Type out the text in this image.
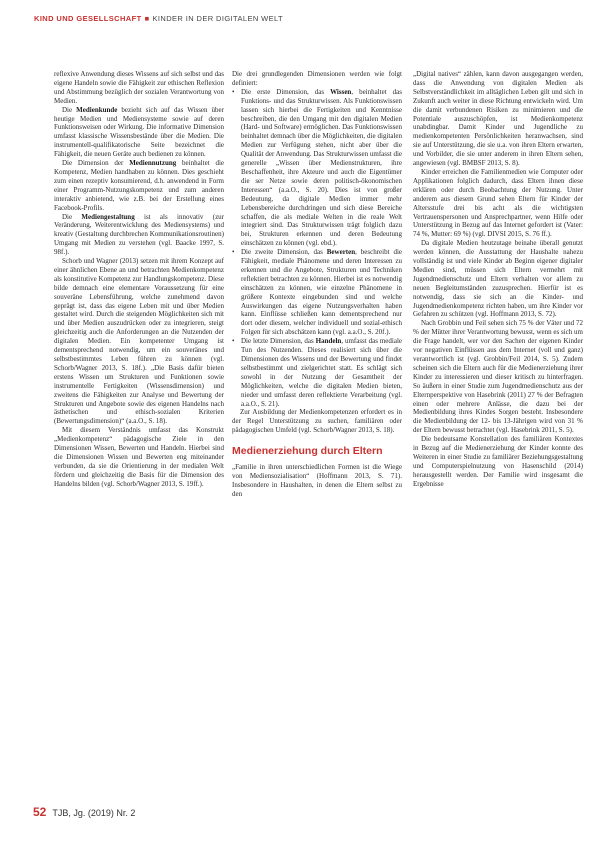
KIND UND GESELLSCHAFT ■ KINDER IN DER DIGITALEN WELT

reflexive Anwendung dieses Wissens auf sich selbst und das eigene Handeln sowie die Fähigkeit zur ethischen Reflexion und Abstimmung bezüglich der sozialen Verantwortung von Medien.

Die Medienkunde bezieht sich auf das Wissen über heutige Medien und Mediensysteme sowie auf deren Funktionsweisen oder Wirkung. Die informative Dimension umfasst klassische Wissensbestände über die Medien. Die instrumentell-qualifikatorische Seite bezeichnet die Fähigkeit, die neuen Geräte auch bedienen zu können.

Die Dimension der Mediennutzung beinhaltet die Kompetenz, Medien handhaben zu können. Dies geschieht zum einen rezeptiv konsumierend, d.h. anwendend in Form einer Programm-Nutzungskompetenz und zum anderen interaktiv anbietend, wie z.B. bei der Erstellung eines Facebook-Profils.

Die Mediengestaltung ist als innovativ (zur Veränderung, Weiterentwicklung des Mediensystems) und kreativ (Gestaltung durchbrechen Kommunikationsroutinen) Umgang mit Medien zu verstehen (vgl. Baacke 1997, S. 98f.).

Schorb und Wagner (2013) setzen mit ihrem Konzept auf einer ähnlichen Ebene an und betrachten Medienkompetenz als konstitutive Kompetenz zur Handlungskompetenz. Diese bilde demnach eine elementare Voraussetzung für eine souveräne Lebensführung, welche zunehmend davon geprägt ist, dass das eigene Leben mit und über Medien gestaltet wird. Durch die steigenden Möglichkeiten sich mit und über Medien auszudrücken oder zu integrieren, steigt gleichzeitig auch die Anforderungen an die Nutzenden der digitalen Medien. Ein kompetenter Umgang ist dementsprechend notwendig, um ein souveränes und selbstbestimmtes Leben führen zu können (vgl. Schorb/Wagner 2013, S. 18f.). „Die Basis dafür bieten erstens Wissen um Strukturen und Funktionen sowie instrumentelle Fertigkeiten (Wissensdimension) und zweitens die Fähigkeiten zur Analyse und Bewertung der Strukturen und Angebote sowie des eigenen Handelns nach ästhetischen und ethisch-sozialen Kriterien (Bewertungsdimension)“ (a.a.O., S. 18).

Mit diesem Verständnis umfasst das Konstrukt „Medienkompetenz“ pädagogische Ziele in den Dimensionen Wissen, Bewerten und Handeln. Hierbei sind die Dimensionen Wissen und Bewerten eng miteinander verbunden, da sie die Orientierung in der medialen Welt fördern und gleichzeitig die Basis für die Dimension des Handelns bilden (vgl. Schorb/Wagner 2013, S. 19ff.).

Die drei grundlegenden Dimensionen werden wie folgt definiert:

• Die erste Dimension, das Wissen, beinhaltet das Funktions- und das Strukturwissen. Als Funktionswissen lassen sich hierbei die Fertigkeiten und Kenntnisse beschreiben, die den Umgang mit den digitalen Medien (Hard- und Software) ermöglichen. Das Funktionswissen beinhaltet demnach über die Möglichkeiten, die digitalen Medien zur Verfügung stehen, nicht aber über die Qualität der Anwendung. Das Strukturwissen umfasst die generelle „Wissen über Medienstrukturen, ihre Beschaffenheit, ihre Akteure und auch die Eigentümer die ser Netze sowie deren politisch-ökonomischen Interessen“ (a.a.O., S. 20). Dies ist von großer Bedeutung, da digitale Medien immer mehr Lebensbereiche durchdringen und sich diese Bereiche schaffen, die als mediale Welten in die reale Welt integriert sind. Das Strukturwissen trägt folglich dazu bei, Strukturen erkennen und deren Bedeutung einschätzen zu können (vgl. ebd.).
• Die zweite Dimension, das Bewerten, beschreibt die Fähigkeit, mediale Phänomene und deren Interessen zu erkennen und die Angebote, Strukturen und Techniken reflektiert betrachten zu können. Hierbei ist es notwendig einschätzen zu können, wie einzelne Phänomene in größere Kontexte eingebunden sind und welche Auswirkungen das eigene Nutzungsverhalten haben kann. Einflüsse schließen kann dementsprechend nur dort oder diesem, welcher individuell und sozial-ethisch Folgen für sich abschätzen kann (vgl. a.a.O., S. 20f.).
• Die letzte Dimension, das Handeln, umfasst das mediale Tun des Nutzenden. Dieses realisiert sich über die Dimensionen des Wissens und der Bewertung und findet selbstbestimmt und zielgerichtet statt. Es schlägt sich sowohl in der Nutzung der Gesamtheit der Möglichkeiten, welche die digitalen Medien bieten, nieder und umfasst deren reflektierte Verarbeitung (vgl. a.a.O., S. 21).

Zur Ausbildung der Medienkompetenzen erfordert es in der Regel Unterstützung zu suchen, familiären oder pädagogischen Umfeld (vgl. Schorb/Wagner 2013, S. 18).

Medienerziehung durch Eltern

„Familie in ihren unterschiedlichen Formen ist die Wiege von Mediensozialisation“ (Hoffmann 2013, S. 71). Insbesondere in Haushalten, in denen die Eltern selbst zu den

„Digital natives“ zählen, kann davon ausgegangen werden, dass die Anwendung von digitalen Medien als Selbstverständlichkeit im alltäglichen Leben gilt und sich in Zukunft auch weiter in diese Richtung entwickeln wird. Um die damit verbundenen Risiken zu minimieren und die Potentiale auszuschöpfen, ist Medienkompetenz unabdingbar. Damit Kinder und Jugendliche zu medienkompetenten Persönlichkeiten heranwachsen, sind sie auf Unterstützung, die sie u.a. von ihren Eltern erwarten, und Vorbilder, die sie unter anderem in ihren Eltern sehen, angewiesen (vgl. BMBSF 2013, S. 8).

Kinder erreichen die Familienmedien wie Computer oder Applikationen folglich dadurch, dass Eltern ihnen diese erklären oder durch Beobachtung der Nutzung. Unter anderem aus diesem Grund sehen Eltern für Kinder der Altersstufe drei bis acht als die wichtigsten Vertrauenspersonen und Ansprechpartner, wenn Hilfe oder Unterstützung in Bezug auf das Internet gefordert ist (Vater: 74 %, Mutter: 69 %) (vgl. DIVSI 2015, S. 76 ff.).

Da digitale Medien heutzutage beinahe überall genutzt werden können, die Ausstattung der Haushalte nahezu vollständig ist und viele Kinder ab Beginn eigener digitaler Medien sind, müssen sich Eltern vermehrt mit Jugendmedienschutz und Eltern verhalten vor allem zu neuen Begleitumständen zuzusprechen. Hierfür ist es notwendig, dass sie sich an die Kinder- und Jugendmedienkompetenz richten haben, um ihre Kinder vor Gefahren zu schützen (vgl. Hoffmann 2013, S. 72).

Nach Grobbin und Feil sehen sich 75 % der Väter und 72 % der Mütter ihrer Verantwortung bewusst, wenn es sich um die Frage handelt, wer vor den Sachen der eigenen Kinder vor negativen Einflüssen aus dem Internet (voll und ganz) verantwortlich ist (vgl. Grobbin/Feil 2014, S. 5). Zudem scheinen sich die Eltern auch für die Medienerziehung ihrer Kinder zu interessieren und dieser kritisch zu hinterfragen. So äußern in einer Studie zum Jugendmedienschutz aus der Elternperspektive von Hasebrink (2011) 27 % der Befragten einen oder mehrere Anlässe, die dazu bei der Medienbildung ihres Kindes Sorgen besteht. Insbesondere die Medienbildung der 12- bis 13-Jährigen wird von 31 % der Eltern bewusst betrachtet (vgl. Hasebrink 2011, S. 5).

Die bedeutsame Konstellation des familiären Kontextes in Bezug auf die Medienerziehung der Kinder konnte des Weiteren in einer Studie zu familiärer Beziehungsgestaltung und Computerspielnutzung von Hasenschild (2014) herausgestellt werden. Der Familie wird insgesamt die Ergebnisse

52 TJB, Jg. (2019) Nr. 2
